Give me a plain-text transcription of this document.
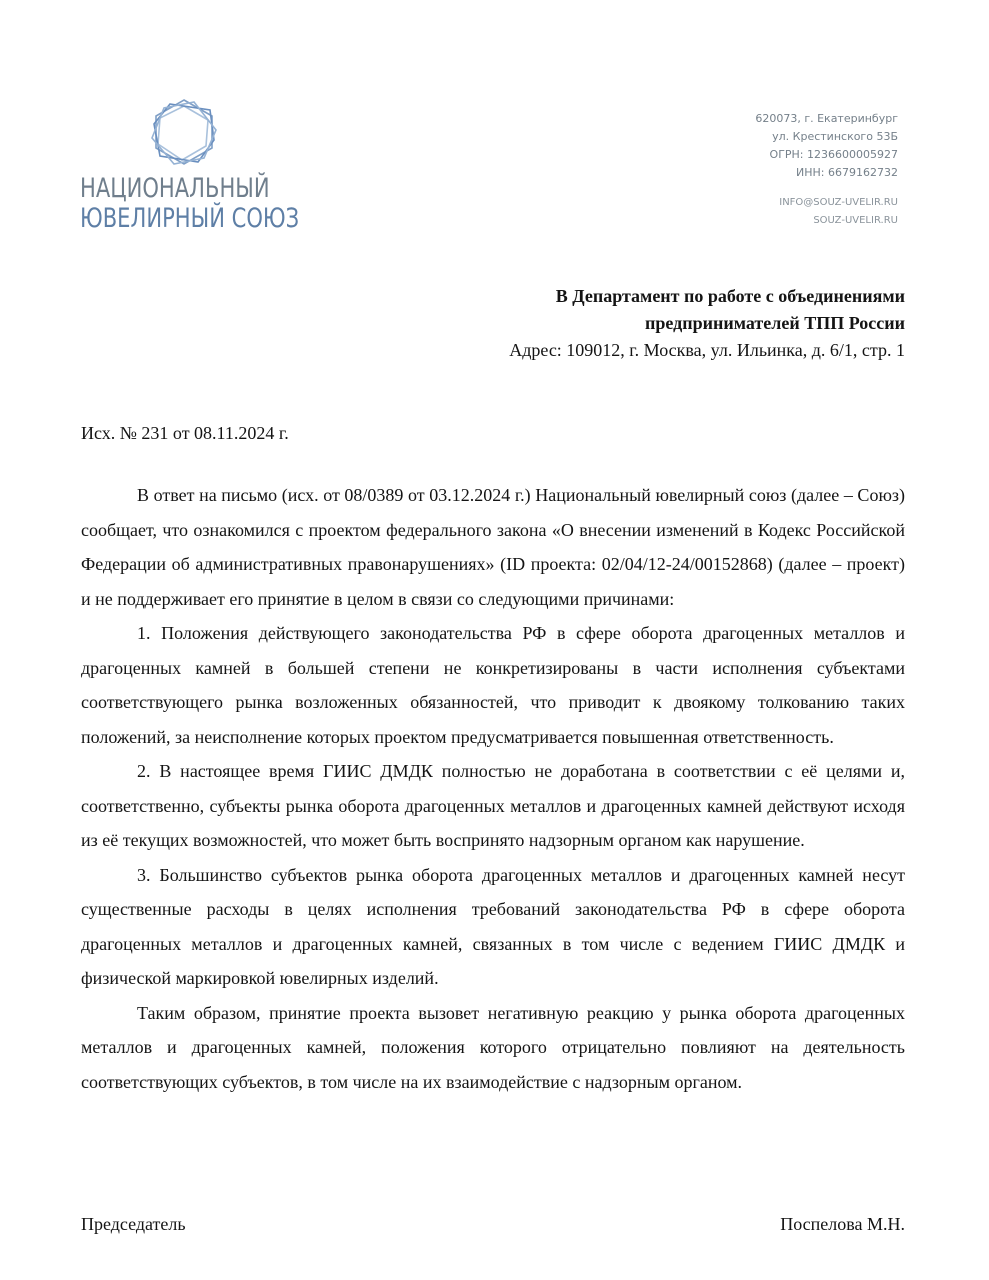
НАЦИОНАЛЬНЫЙ
ЮВЕЛИРНЫЙ СОЮЗ
620073, г. Екатеринбург
ул. Крестинского 53Б
ОГРН: 1236600005927
ИНН: 6679162732
INFO@SOUZ-UVELIR.RU
SOUZ-UVELIR.RU
В Департамент по работе с объединениями
предпринимателей ТПП России
Адрес: 109012, г. Москва, ул. Ильинка, д. 6/1, стр. 1
Исх. № 231 от 08.11.2024 г.

В ответ на письмо (исх. от 08/0389 от 03.12.2024 г.) Национальный ювелирный союз (далее – Союз) сообщает, что ознакомился с проектом федерального закона «О внесении изменений в Кодекс Российской Федерации об административных правонарушениях» (ID проекта: 02/04/12-24/00152868) (далее – проект) и не поддерживает его принятие в целом в связи со следующими причинами:

1. Положения действующего законодательства РФ в сфере оборота драгоценных металлов и драгоценных камней в большей степени не конкретизированы в части исполнения субъектами соответствующего рынка возложенных обязанностей, что приводит к двоякому толкованию таких положений, за неисполнение которых проектом предусматривается повышенная ответственность.

2. В настоящее время ГИИС ДМДК полностью не доработана в соответствии с её целями и, соответственно, субъекты рынка оборота драгоценных металлов и драгоценных камней действуют исходя из её текущих возможностей, что может быть воспринято надзорным органом как нарушение.

3. Большинство субъектов рынка оборота драгоценных металлов и драгоценных камней несут существенные расходы в целях исполнения требований законодательства РФ в сфере оборота драгоценных металлов и драгоценных камней, связанных в том числе с ведением ГИИС ДМДК и физической маркировкой ювелирных изделий.

Таким образом, принятие проекта вызовет негативную реакцию у рынка оборота драгоценных металлов и драгоценных камней, положения которого отрицательно повлияют на деятельность соответствующих субъектов, в том числе на их взаимодействие с надзорным органом.

Председатель	Поспелова М.Н.
